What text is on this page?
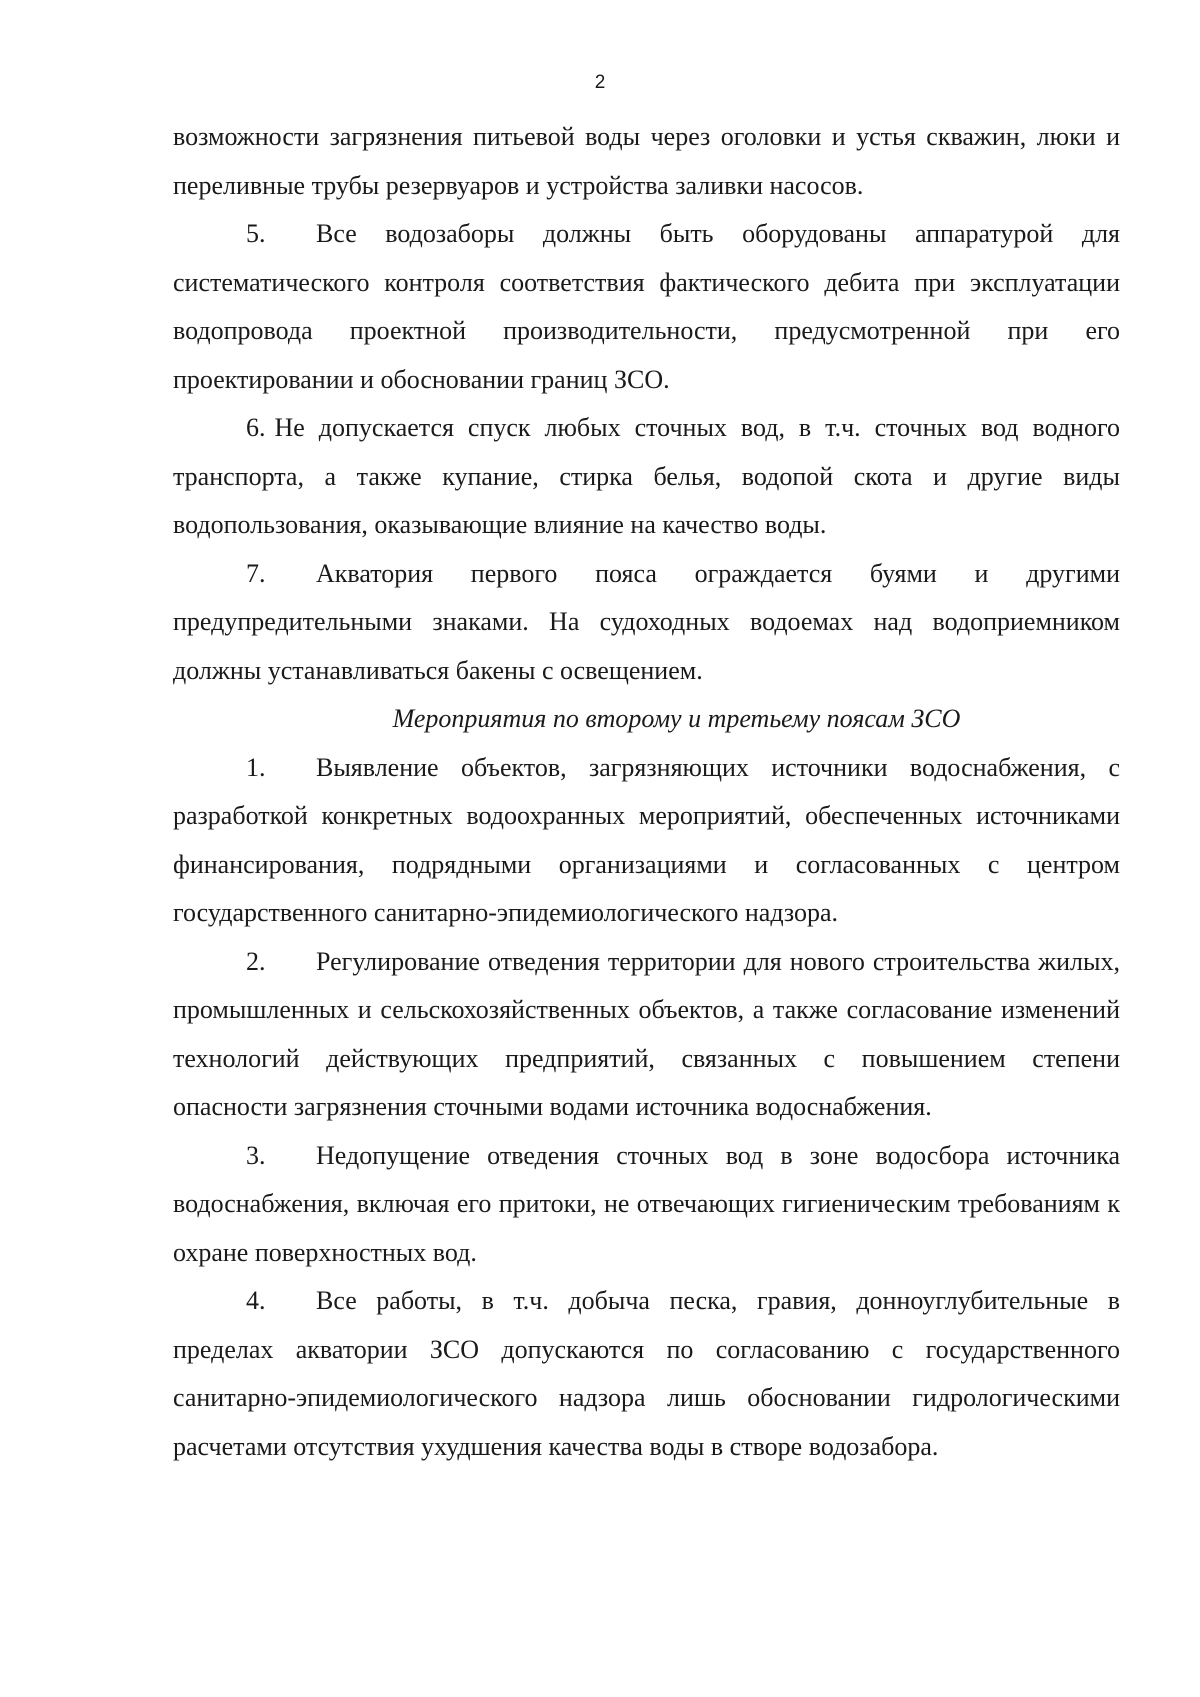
2

возможности загрязнения питьевой воды через оголовки и устья скважин, люки и переливные трубы резервуаров и устройства заливки насосов.

5. Все водозаборы должны быть оборудованы аппаратурой для систематического контроля соответствия фактического дебита при эксплуатации водопровода проектной производительности, предусмотренной при его проектировании и обосновании границ ЗСО.

6. Не допускается спуск любых сточных вод, в т.ч. сточных вод водного транспорта, а также купание, стирка белья, водопой скота и другие виды водопользования, оказывающие влияние на качество воды.

7. Акватория первого пояса ограждается буями и другими предупредительными знаками. На судоходных водоемах над водоприемником должны устанавливаться бакены с освещением.

Мероприятия по второму и третьему поясам ЗСО

1. Выявление объектов, загрязняющих источники водоснабжения, с разработкой конкретных водоохранных мероприятий, обеспеченных источниками финансирования, подрядными организациями и согласованных с центром государственного санитарно-эпидемиологического надзора.

2. Регулирование отведения территории для нового строительства жилых, промышленных и сельскохозяйственных объектов, а также согласование изменений технологий действующих предприятий, связанных с повышением степени опасности загрязнения сточными водами источника водоснабжения.

3. Недопущение отведения сточных вод в зоне водосбора источника водоснабжения, включая его притоки, не отвечающих гигиеническим требованиям к охране поверхностных вод.

4. Все работы, в т.ч. добыча песка, гравия, донноуглубительные в пределах акватории ЗСО допускаются по согласованию с государственного санитарно-эпидемиологического надзора лишь обосновании гидрологическими расчетами отсутствия ухудшения качества воды в створе водозабора.
